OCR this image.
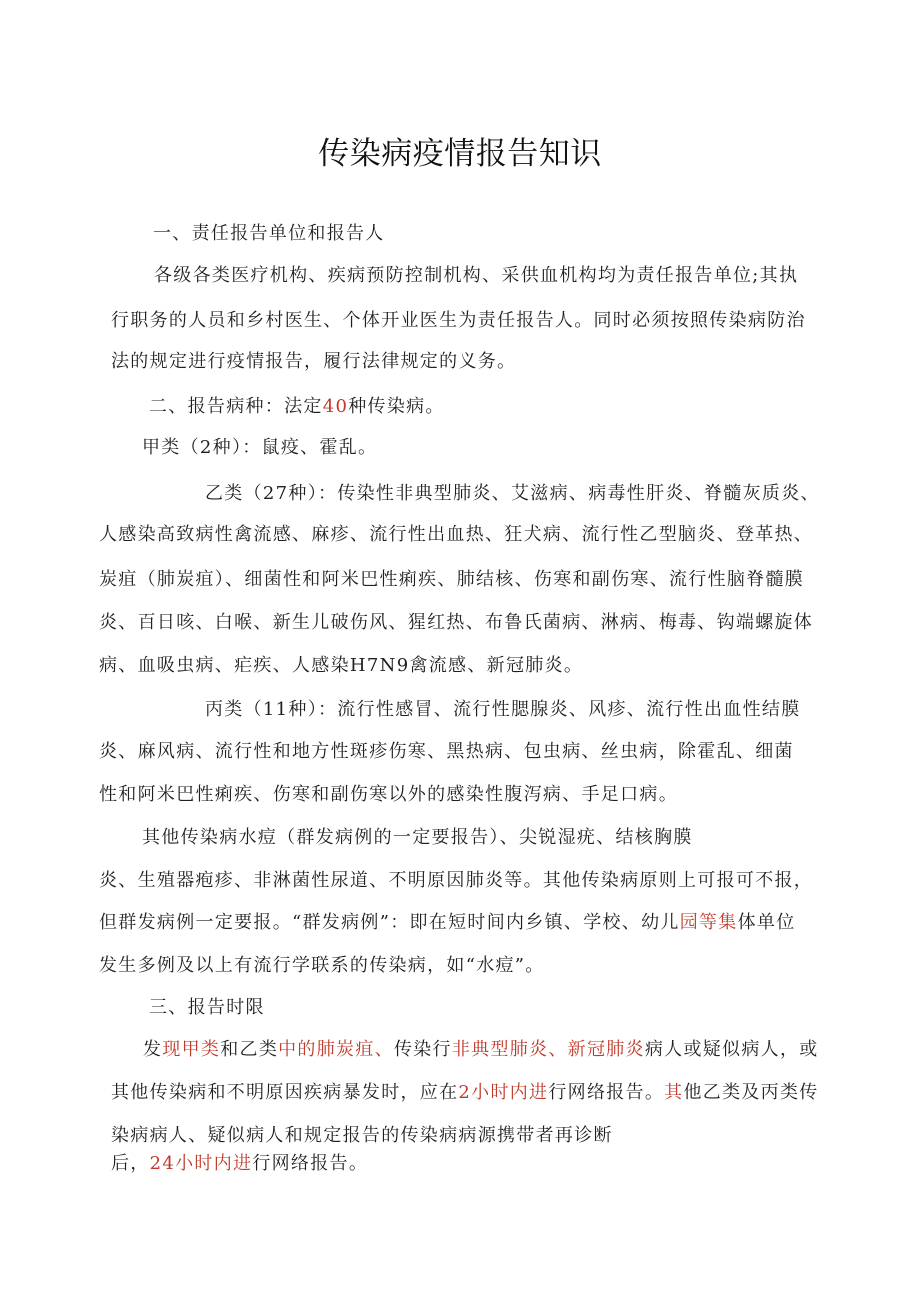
传染病疫情报告知识
一、责任报告单位和报告人
各级各类医疗机构、疾病预防控制机构、采供血机构均为责任报告单位;其执
行职务的人员和乡村医生、个体开业医生为责任报告人。同时必须按照传染病防治
法的规定进行疫情报告，履行法律规定的义务。
二、报告病种：法定40种传染病。
甲类（2种）：鼠疫、霍乱。
乙类（27种）：传染性非典型肺炎、艾滋病、病毒性肝炎、脊髓灰质炎、
人感染高致病性禽流感、麻疹、流行性出血热、狂犬病、流行性乙型脑炎、登革热、
炭疽（肺炭疽）、细菌性和阿米巴性痢疾、肺结核、伤寒和副伤寒、流行性脑脊髓膜
炎、百日咳、白喉、新生儿破伤风、猩红热、布鲁氏菌病、淋病、梅毒、钩端螺旋体
病、血吸虫病、疟疾、人感染H7N9禽流感、新冠肺炎。
丙类（11种）：流行性感冒、流行性腮腺炎、风疹、流行性出血性结膜
炎、麻风病、流行性和地方性斑疹伤寒、黑热病、包虫病、丝虫病，除霍乱、细菌
性和阿米巴性痢疾、伤寒和副伤寒以外的感染性腹泻病、手足口病。
其他传染病水痘（群发病例的一定要报告）、尖锐湿疣、结核胸膜
炎、生殖器疱疹、非淋菌性尿道、不明原因肺炎等。其他传染病原则上可报可不报，
但群发病例一定要报。“群发病例”：即在短时间内乡镇、学校、幼儿园等集体单位
发生多例及以上有流行学联系的传染病，如“水痘”。
三、报告时限
发现甲类和乙类中的肺炭疽、传染行非典型肺炎、新冠肺炎病人或疑似病人，或
其他传染病和不明原因疾病暴发时，应在2小时内进行网络报告。其他乙类及丙类传
染病病人、疑似病人和规定报告的传染病病源携带者再诊断
后，24小时内进行网络报告。
